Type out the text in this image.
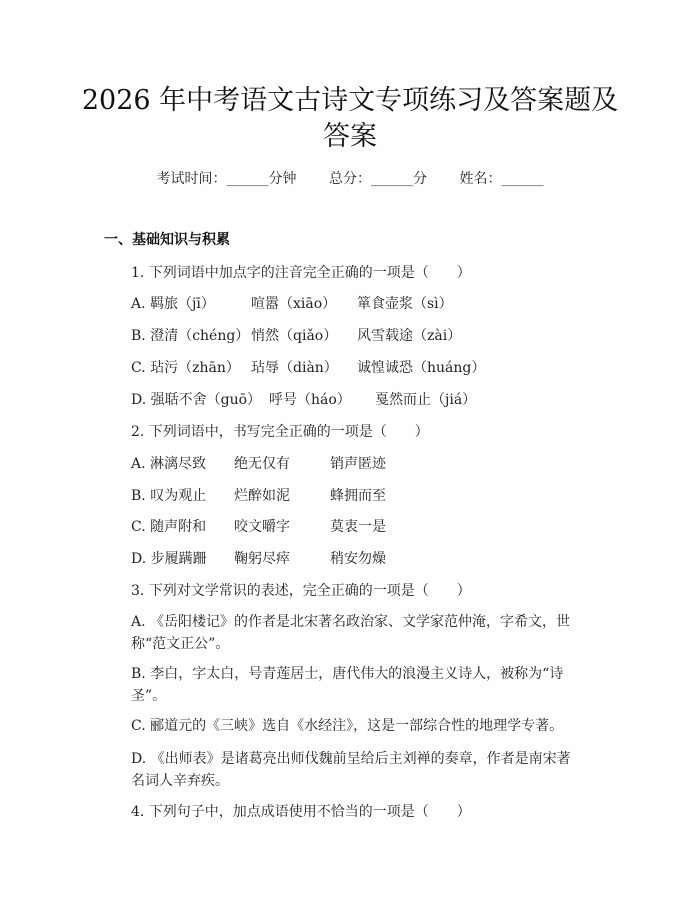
2026 年中考语文古诗文专项练习及答案题及
答案
考试时间：______分钟 总分：______分 姓名：______
一、基础知识与积累
1. 下列词语中加点字的注音完全正确的一项是（　　）
A. 羁旅（jī）	喧嚣（xiāo） 箪食壶浆（sì）
B. 澄清（chéng） 悄然（qiǎo） 风雪载途（zài）
C. 玷污（zhān） 玷辱（diàn） 诚惶诚恐（huáng）
D. 强聒不舍（guō） 呼号（háo） 戛然而止（jiá）
2. 下列词语中，书写完全正确的一项是（　　）
A. 淋漓尽致 绝无仅有	销声匿迹
B. 叹为观止 烂醉如泥	蜂拥而至
C. 随声附和 咬文嚼字	莫衷一是
D. 步履蹒跚 鞠躬尽瘁	稍安勿燥
3. 下列对文学常识的表述，完全正确的一项是（　　）
A. 《岳阳楼记》的作者是北宋著名政治家、文学家范仲淹，字希文，世称“范文正公”。
B. 李白，字太白，号青莲居士，唐代伟大的浪漫主义诗人，被称为“诗圣”。
C. 郦道元的《三峡》选自《水经注》，这是一部综合性的地理学专著。
D. 《出师表》是诸葛亮出师伐魏前呈给后主刘禅的奏章，作者是南宋著名词人辛弃疾。
4. 下列句子中，加点成语使用不恰当的一项是（　　）
